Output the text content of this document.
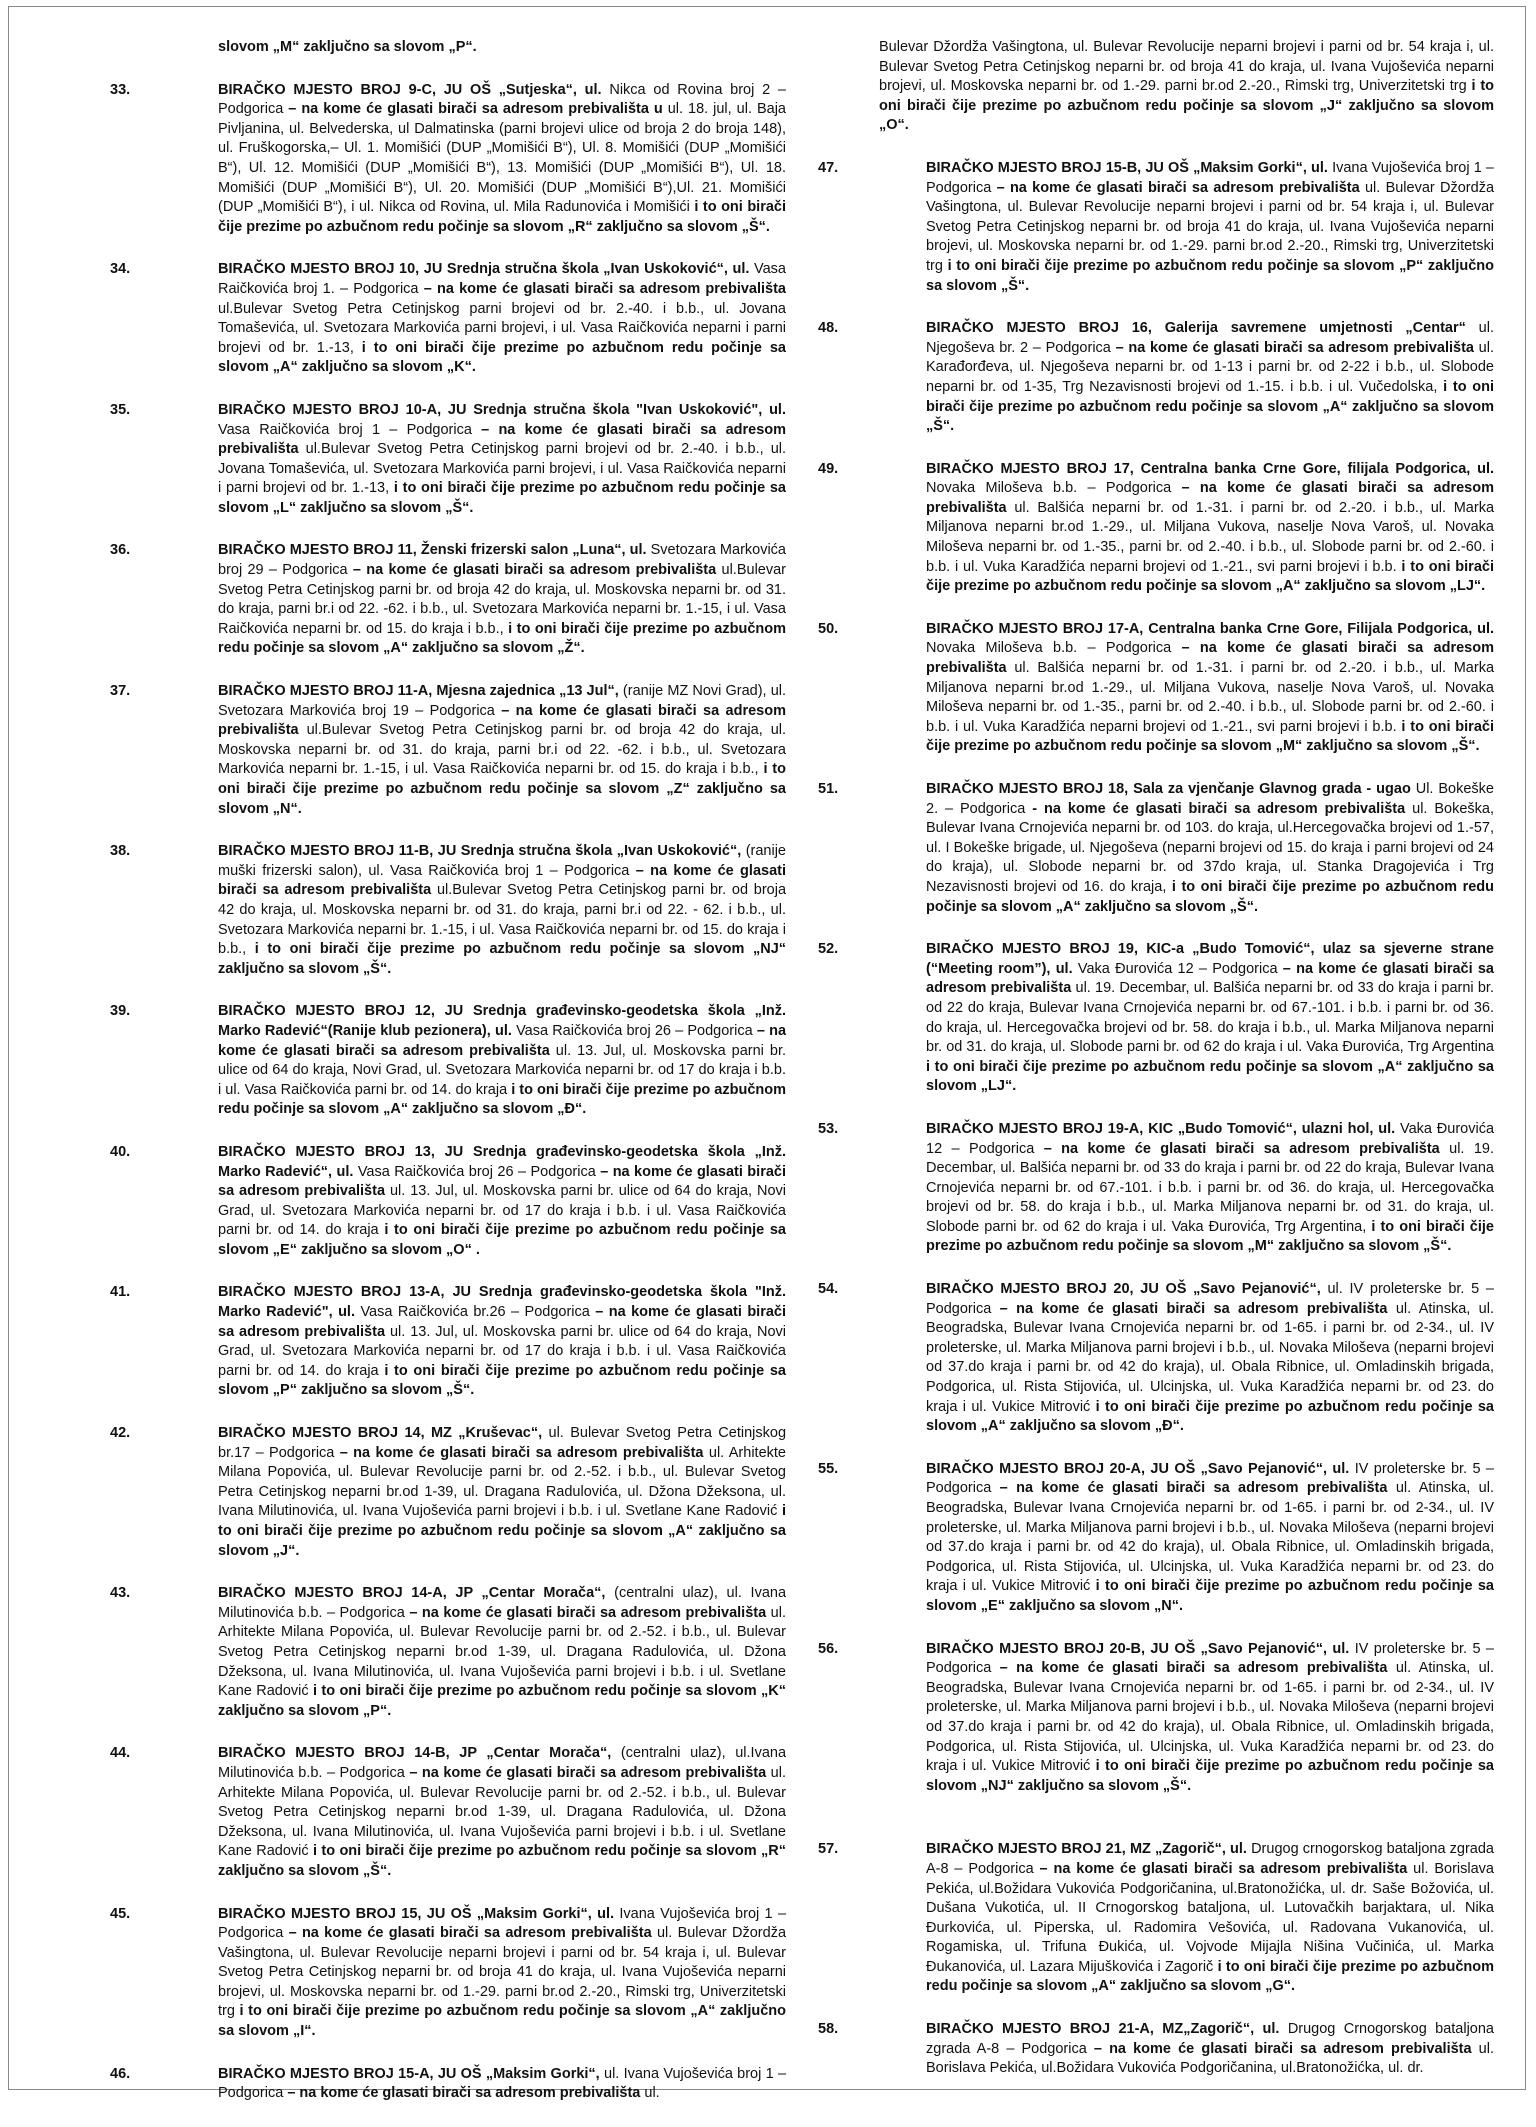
slovom „M“ zaključno sa slovom „P“.
33.	BIRAČKO MJESTO BROJ 9-C, JU OŠ „Sutjeska“, ul. Nikca od Rovina broj 2 – Podgorica – na kome će glasati birači sa adresom prebivališta u ul. 18. jul, ul. Baja Pivljanina, ul. Belvederska, ul Dalmatinska (parni brojevi ulice od broja 2 do broja 148), ul. Fruškogorska,– Ul. 1. Momišići (DUP „Momišići B“), Ul. 8. Momišići (DUP „Momišići B“), Ul. 12. Momišići (DUP „Momišići B“), 13. Momišići (DUP „Momišići B“), Ul. 18. Momišići (DUP „Momišići B“), Ul. 20. Momišići (DUP „Momišići B“),Ul. 21. Momišići (DUP „Momišići B“), i ul. Nikca od Rovina, ul. Mila Radunovića i Momišići i to oni birači čije prezime po azbučnom redu počinje sa slovom „R“ zaključno sa slovom „Š“.
34.	BIRAČKO MJESTO BROJ 10, JU Srednja stručna škola „Ivan Uskoković“, ul. Vasa Raičkovića broj 1. – Podgorica – na kome će glasati birači sa adresom prebivališta ul.Bulevar Svetog Petra Cetinjskog parni brojevi od br. 2.-40. i b.b., ul. Jovana Tomaševića, ul. Svetozara Markovića parni brojevi, i ul. Vasa Raičkovića neparni i parni brojevi od br. 1.-13, i to oni birači čije prezime po azbučnom redu počinje sa slovom „A“ zaključno sa slovom „K“.
35.	BIRAČKO MJESTO BROJ 10-A, JU Srednja stručna škola "Ivan Uskoković", ul. Vasa Raičkovića broj 1 – Podgorica – na kome će glasati birači sa adresom prebivališta ul.Bulevar Svetog Petra Cetinjskog parni brojevi od br. 2.-40. i b.b., ul. Jovana Tomaševića, ul. Svetozara Markovića parni brojevi, i ul. Vasa Raičkovića neparni i parni brojevi od br. 1.-13, i to oni birači čije prezime po azbučnom redu počinje sa slovom „L“ zaključno sa slovom „Š“.
36.	BIRAČKO MJESTO BROJ 11, Ženski frizerski salon „Luna“, ul. Svetozara Markovića broj 29 – Podgorica – na kome će glasati birači sa adresom prebivališta ul.Bulevar Svetog Petra Cetinjskog parni br. od broja 42 do kraja, ul. Moskovska neparni br. od 31. do kraja, parni br.i od 22. -62. i b.b., ul. Svetozara Markovića neparni br. 1.-15, i ul. Vasa Raičkovića neparni br. od 15. do kraja i b.b., i to oni birači čije prezime po azbučnom redu počinje sa slovom „A“ zaključno sa slovom „Ž“.
37.	BIRAČKO MJESTO BROJ 11-A, Mjesna zajednica „13 Jul“, (ranije MZ Novi Grad), ul. Svetozara Markovića broj 19 – Podgorica – na kome će glasati birači sa adresom prebivališta ul.Bulevar Svetog Petra Cetinjskog parni br. od broja 42 do kraja, ul. Moskovska neparni br. od 31. do kraja, parni br.i od 22. -62. i b.b., ul. Svetozara Markovića neparni br. 1.-15, i ul. Vasa Raičkovića neparni br. od 15. do kraja i b.b., i to oni birači čije prezime po azbučnom redu počinje sa slovom „Z“ zaključno sa slovom „N“.
38.	BIRAČKO MJESTO BROJ 11-B, JU Srednja stručna škola „Ivan Uskoković“, (ranije muški frizerski salon), ul. Vasa Raičkovića broj 1 – Podgorica – na kome će glasati birači sa adresom prebivališta ul.Bulevar Svetog Petra Cetinjskog parni br. od broja 42 do kraja, ul. Moskovska neparni br. od 31. do kraja, parni br.i od 22. - 62. i b.b., ul. Svetozara Markovića neparni br. 1.-15, i ul. Vasa Raičkovića neparni br. od 15. do kraja i b.b., i to oni birači čije prezime po azbučnom redu počinje sa slovom „NJ“ zaključno sa slovom „Š“.
39.	BIRAČKO MJESTO BROJ 12, JU Srednja građevinsko-geodetska škola „Inž. Marko Radević“(Ranije klub pezionera), ul. Vasa Raičkovića broj 26 – Podgorica – na kome će glasati birači sa adresom prebivališta ul. 13. Jul, ul. Moskovska parni br. ulice od 64 do kraja, Novi Grad, ul. Svetozara Markovića neparni br. od 17 do kraja i b.b. i ul. Vasa Raičkovića parni br. od 14. do kraja i to oni birači čije prezime po azbučnom redu počinje sa slovom „A“ zaključno sa slovom „Đ“.
40.	BIRAČKO MJESTO BROJ 13, JU Srednja građevinsko-geodetska škola „Inž. Marko Radević“, ul. Vasa Raičkovića broj 26 – Podgorica – na kome će glasati birači sa adresom prebivališta ul. 13. Jul, ul. Moskovska parni br. ulice od 64 do kraja, Novi Grad, ul. Svetozara Markovića neparni br. od 17 do kraja i b.b. i ul. Vasa Raičkovića parni br. od 14. do kraja i to oni birači čije prezime po azbučnom redu počinje sa slovom „E“ zaključno sa slovom „O“ .
41.	BIRAČKO MJESTO BROJ 13-A, JU Srednja građevinsko-geodetska škola "Inž. Marko Radević", ul. Vasa Raičkovića br.26 – Podgorica – na kome će glasati birači sa adresom prebivališta ul. 13. Jul, ul. Moskovska parni br. ulice od 64 do kraja, Novi Grad, ul. Svetozara Markovića neparni br. od 17 do kraja i b.b. i ul. Vasa Raičkovića parni br. od 14. do kraja i to oni birači čije prezime po azbučnom redu počinje sa slovom „P“ zaključno sa slovom „Š“.
42.	BIRAČKO MJESTO BROJ 14, MZ „Kruševac“, ul. Bulevar Svetog Petra Cetinjskog br.17 – Podgorica – na kome će glasati birači sa adresom prebivališta ul. Arhitekte Milana Popovića, ul. Bulevar Revolucije parni br. od 2.-52. i b.b., ul. Bulevar Svetog Petra Cetinjskog neparni br.od 1-39, ul. Dragana Radulovića, ul. Džona Džeksona, ul. Ivana Milutinovića, ul. Ivana Vujoševića parni brojevi i b.b. i ul. Svetlane Kane Radović i to oni birači čije prezime po azbučnom redu počinje sa slovom „A“ zaključno sa slovom „J“.
43.	BIRAČKO MJESTO BROJ 14-A, JP „Centar Morača“, (centralni ulaz), ul. Ivana Milutinovića b.b. – Podgorica – na kome će glasati birači sa adresom prebivališta ul. Arhitekte Milana Popovića, ul. Bulevar Revolucije parni br. od 2.-52. i b.b., ul. Bulevar Svetog Petra Cetinjskog neparni br.od 1-39, ul. Dragana Radulovića, ul. Džona Džeksona, ul. Ivana Milutinovića, ul. Ivana Vujoševića parni brojevi i b.b. i ul. Svetlane Kane Radović i to oni birači čije prezime po azbučnom redu počinje sa slovom „K“ zaključno sa slovom „P“.
44.	BIRAČKO MJESTO BROJ 14-B, JP „Centar Morača“, (centralni ulaz), ul.Ivana Milutinovića b.b. – Podgorica – na kome će glasati birači sa adresom prebivališta ul. Arhitekte Milana Popovića, ul. Bulevar Revolucije parni br. od 2.-52. i b.b., ul. Bulevar Svetog Petra Cetinjskog neparni br.od 1-39, ul. Dragana Radulovića, ul. Džona Džeksona, ul. Ivana Milutinovića, ul. Ivana Vujoševića parni brojevi i b.b. i ul. Svetlane Kane Radović i to oni birači čije prezime po azbučnom redu počinje sa slovom „R“ zaključno sa slovom „Š“.
45.	BIRAČKO MJESTO BROJ 15, JU OŠ „Maksim Gorki“, ul. Ivana Vujoševića broj 1 – Podgorica – na kome će glasati birači sa adresom prebivališta ul. Bulevar Džordža Vašingtona, ul. Bulevar Revolucije neparni brojevi i parni od br. 54 kraja i, ul. Bulevar Svetog Petra Cetinjskog neparni br. od broja 41 do kraja, ul. Ivana Vujoševića neparni brojevi, ul. Moskovska neparni br. od 1.-29. parni br.od 2.-20., Rimski trg, Univerzitetski trg i to oni birači čije prezime po azbučnom redu počinje sa slovom „A“ zaključno sa slovom „I“.
46.	BIRAČKO MJESTO BROJ 15-A, JU OŠ „Maksim Gorki“, ul. Ivana Vujoševića broj 1 – Podgorica – na kome će glasati birači sa adresom prebivališta ul.
Bulevar Džordža Vašingtona, ul. Bulevar Revolucije neparni brojevi i parni od br. 54 kraja i, ul. Bulevar Svetog Petra Cetinjskog neparni br. od broja 41 do kraja, ul. Ivana Vujoševića neparni brojevi, ul. Moskovska neparni br. od 1.-29. parni br.od 2.-20., Rimski trg, Univerzitetski trg i to oni birači čije prezime po azbučnom redu počinje sa slovom „J“ zaključno sa slovom „O“.
47.	BIRAČKO MJESTO BROJ 15-B, JU OŠ „Maksim Gorki“, ul. Ivana Vujoševića broj 1 – Podgorica – na kome će glasati birači sa adresom prebivališta ul. Bulevar Džordža Vašingtona, ul. Bulevar Revolucije neparni brojevi i parni od br. 54 kraja i, ul. Bulevar Svetog Petra Cetinjskog neparni br. od broja 41 do kraja, ul. Ivana Vujoševića neparni brojevi, ul. Moskovska neparni br. od 1.-29. parni br.od 2.-20., Rimski trg, Univerzitetski trg i to oni birači čije prezime po azbučnom redu počinje sa slovom „P“ zaključno sa slovom „Š“.
48.	BIRAČKO MJESTO BROJ 16, Galerija savremene umjetnosti „Centar“ ul. Njegoševa br. 2 – Podgorica – na kome će glasati birači sa adresom prebivališta ul. Karađorđeva, ul. Njegoševa neparni br. od 1-13 i parni br. od 2-22 i b.b., ul. Slobode neparni br. od 1-35, Trg Nezavisnosti brojevi od 1.-15. i b.b. i ul. Vučedolska, i to oni birači čije prezime po azbučnom redu počinje sa slovom „A“ zaključno sa slovom „Š“.
49.	BIRAČKO MJESTO BROJ 17, Centralna banka Crne Gore, filijala Podgorica, ul. Novaka Miloševa b.b. – Podgorica – na kome će glasati birači sa adresom prebivališta ul. Balšića neparni br. od 1.-31. i parni br. od 2.-20. i b.b., ul. Marka Miljanova neparni br.od 1.-29., ul. Miljana Vukova, naselje Nova Varoš, ul. Novaka Miloševa neparni br. od 1.-35., parni br. od 2.-40. i b.b., ul. Slobode parni br. od 2.-60. i b.b. i ul. Vuka Karadžića neparni brojevi od 1.-21., svi parni brojevi i b.b. i to oni birači čije prezime po azbučnom redu počinje sa slovom „A“ zaključno sa slovom „LJ“.
50.	BIRAČKO MJESTO BROJ 17-A, Centralna banka Crne Gore, Filijala Podgorica, ul. Novaka Miloševa b.b. – Podgorica – na kome će glasati birači sa adresom prebivališta ul. Balšića neparni br. od 1.-31. i parni br. od 2.-20. i b.b., ul. Marka Miljanova neparni br.od 1.-29., ul. Miljana Vukova, naselje Nova Varoš, ul. Novaka Miloševa neparni br. od 1.-35., parni br. od 2.-40. i b.b., ul. Slobode parni br. od 2.-60. i b.b. i ul. Vuka Karadžića neparni brojevi od 1.-21., svi parni brojevi i b.b. i to oni birači čije prezime po azbučnom redu počinje sa slovom „M“ zaključno sa slovom „Š“.
51.	BIRAČKO MJESTO BROJ 18, Sala za vjenčanje Glavnog grada - ugao Ul. Bokeške 2. – Podgorica - na kome će glasati birači sa adresom prebivališta ul. Bokeška, Bulevar Ivana Crnojevića neparni br. od 103. do kraja, ul.Hercegovačka brojevi od 1.-57, ul. I Bokeške brigade, ul. Njegoševa (neparni brojevi od 15. do kraja i parni brojevi od 24 do kraja), ul. Slobode neparni br. od 37do kraja, ul. Stanka Dragojevića i Trg Nezavisnosti brojevi od 16. do kraja, i to oni birači čije prezime po azbučnom redu počinje sa slovom „A“ zaključno sa slovom „Š“.
52.	BIRAČKO MJESTO BROJ 19, KIC-a „Budo Tomović“, ulaz sa sjeverne strane (“Meeting room”), ul. Vaka Đurovića 12 – Podgorica – na kome će glasati birači sa adresom prebivališta ul. 19. Decembar, ul. Balšića neparni br. od 33 do kraja i parni br. od 22 do kraja, Bulevar Ivana Crnojevića neparni br. od 67.-101. i b.b. i parni br. od 36. do kraja, ul. Hercegovačka brojevi od br. 58. do kraja i b.b., ul. Marka Miljanova neparni br. od 31. do kraja, ul. Slobode parni br. od 62 do kraja i ul. Vaka Đurovića, Trg Argentina i to oni birači čije prezime po azbučnom redu počinje sa slovom „A“ zaključno sa slovom „LJ“.
53.	BIRAČKO MJESTO BROJ 19-A, KIC „Budo Tomović“, ulazni hol, ul. Vaka Đurovića 12 – Podgorica – na kome će glasati birači sa adresom prebivališta ul. 19. Decembar, ul. Balšića neparni br. od 33 do kraja i parni br. od 22 do kraja, Bulevar Ivana Crnojevića neparni br. od 67.-101. i b.b. i parni br. od 36. do kraja, ul. Hercegovačka brojevi od br. 58. do kraja i b.b., ul. Marka Miljanova neparni br. od 31. do kraja, ul. Slobode parni br. od 62 do kraja i ul. Vaka Đurovića, Trg Argentina, i to oni birači čije prezime po azbučnom redu počinje sa slovom „M“ zaključno sa slovom „Š“.
54.	BIRAČKO MJESTO BROJ 20, JU OŠ „Savo Pejanović“, ul. IV proleterske br. 5 – Podgorica – na kome će glasati birači sa adresom prebivališta ul. Atinska, ul. Beogradska, Bulevar Ivana Crnojevića neparni br. od 1-65. i parni br. od 2-34., ul. IV proleterske, ul. Marka Miljanova parni brojevi i b.b., ul. Novaka Miloševa (neparni brojevi od 37.do kraja i parni br. od 42 do kraja), ul. Obala Ribnice, ul. Omladinskih brigada, Podgorica, ul. Rista Stijovića, ul. Ulcinjska, ul. Vuka Karadžića neparni br. od 23. do kraja i ul. Vukice Mitrović i to oni birači čije prezime po azbučnom redu počinje sa slovom „A“ zaključno sa slovom „Đ“.
55.	BIRAČKO MJESTO BROJ 20-A, JU OŠ „Savo Pejanović“, ul. IV proleterske br. 5 – Podgorica – na kome će glasati birači sa adresom prebivališta ul. Atinska, ul. Beogradska, Bulevar Ivana Crnojevića neparni br. od 1-65. i parni br. od 2-34., ul. IV proleterske, ul. Marka Miljanova parni brojevi i b.b., ul. Novaka Miloševa (neparni brojevi od 37.do kraja i parni br. od 42 do kraja), ul. Obala Ribnice, ul. Omladinskih brigada, Podgorica, ul. Rista Stijovića, ul. Ulcinjska, ul. Vuka Karadžića neparni br. od 23. do kraja i ul. Vukice Mitrović i to oni birači čije prezime po azbučnom redu počinje sa slovom „E“ zaključno sa slovom „N“.
56.	BIRAČKO MJESTO BROJ 20-B, JU OŠ „Savo Pejanović“, ul. IV proleterske br. 5 – Podgorica – na kome će glasati birači sa adresom prebivališta ul. Atinska, ul. Beogradska, Bulevar Ivana Crnojevića neparni br. od 1-65. i parni br. od 2-34., ul. IV proleterske, ul. Marka Miljanova parni brojevi i b.b., ul. Novaka Miloševa (neparni brojevi od 37.do kraja i parni br. od 42 do kraja), ul. Obala Ribnice, ul. Omladinskih brigada, Podgorica, ul. Rista Stijovića, ul. Ulcinjska, ul. Vuka Karadžića neparni br. od 23. do kraja i ul. Vukice Mitrović i to oni birači čije prezime po azbučnom redu počinje sa slovom „NJ“ zaključno sa slovom „Š“.
57.	BIRAČKO MJESTO BROJ 21, MZ „Zagorič“, ul. Drugog crnogorskog bataljona zgrada A-8 – Podgorica – na kome će glasati birači sa adresom prebivališta ul. Borislava Pekića, ul.Božidara Vukovića Podgoričanina, ul.Bratonožićka, ul. dr. Saše Božovića, ul. Dušana Vukotića, ul. II Crnogorskog bataljona, ul. Lutovačkih barjaktara, ul. Nika Đurkovića, ul. Piperska, ul. Radomira Vešovića, ul. Radovana Vukanovića, ul. Rogamiska, ul. Trifuna Đukića, ul. Vojvode Mijajla Nišina Vučinića, ul. Marka Đukanovića, ul. Lazara Mijuškovića i Zagorič i to oni birači čije prezime po azbučnom redu počinje sa slovom „A“ zaključno sa slovom „G“.
58.	BIRAČKO MJESTO BROJ 21-A, MZ„Zagorič“, ul. Drugog Crnogorskog bataljona zgrada A-8 – Podgorica – na kome će glasati birači sa adresom prebivališta ul. Borislava Pekića, ul.Božidara Vukovića Podgoričanina, ul.Bratonožićka, ul. dr.
